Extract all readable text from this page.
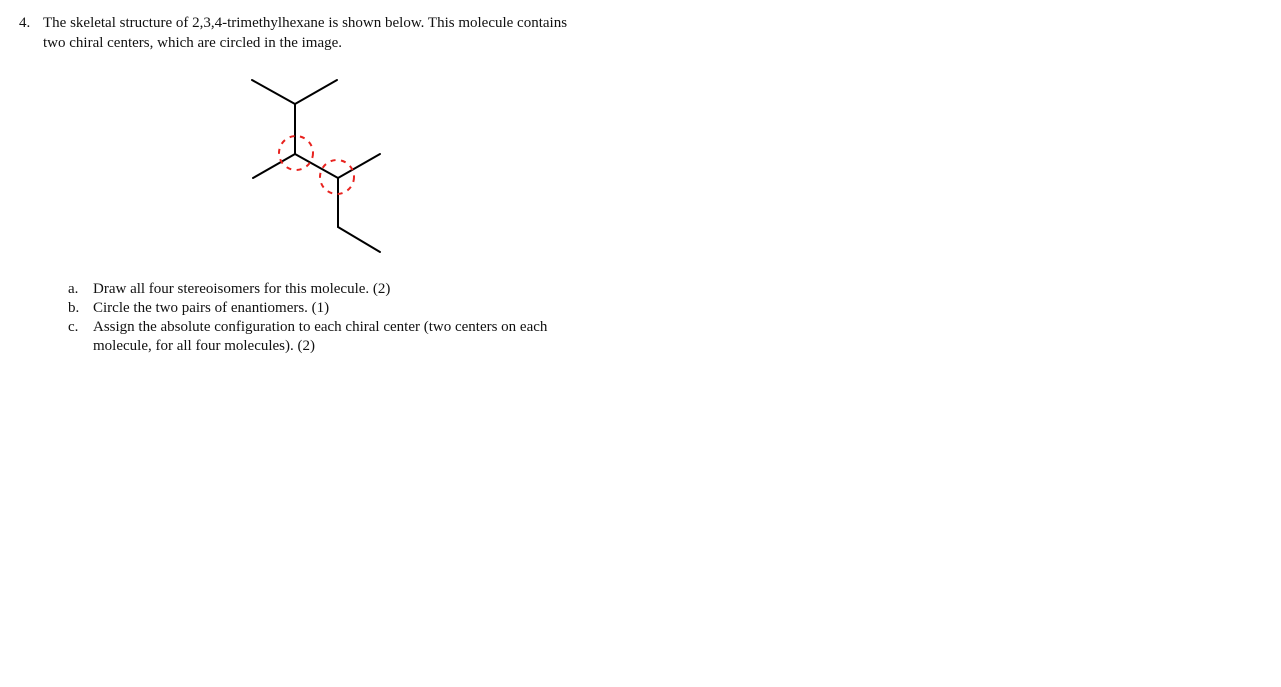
4. The skeletal structure of 2,3,4-trimethylhexane is shown below. This molecule contains
two chiral centers, which are circled in the image.
a. Draw all four stereoisomers for this molecule. (2)
b. Circle the two pairs of enantiomers. (1)
c. Assign the absolute configuration to each chiral center (two centers on each
molecule, for all four molecules). (2)
